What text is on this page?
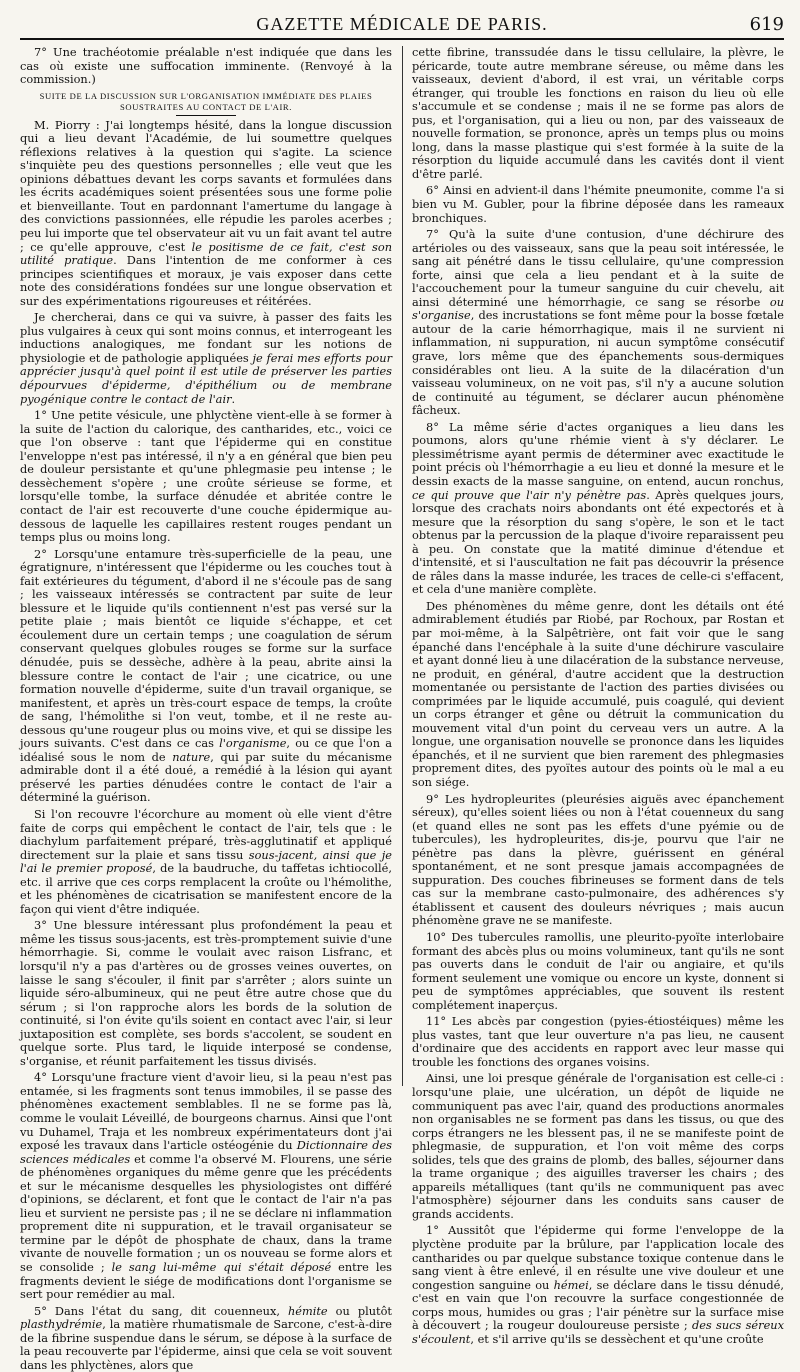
GAZETTE MÉDICALE DE PARIS.	619

7° Une trachéotomie préalable n'est indiquée que dans les cas où existe une suffocation imminente. (Renvoyé à la commission.)

SUITE DE LA DISCUSSION SUR L'ORGANISATION IMMÉDIATE DES PLAIES
SOUSTRAITES AU CONTACT DE L'AIR.

M. Piorry : J'ai longtemps hésité, dans la longue discussion qui a lieu devant l'Académie, de lui soumettre quelques réflexions relatives à la question qui s'agite. La science s'inquiète peu des questions personnelles ; elle veut que les opinions débattues devant les corps savants et formulées dans les écrits académiques soient présentées sous une forme polie et bienveillante. Tout en pardonnant l'amertume du langage à des convictions passionnées, elle répudie les paroles acerbes ; peu lui importe que tel observateur ait vu un fait avant tel autre ; ce qu'elle approuve, c'est le positisme de ce fait, c'est son utilité pratique. Dans l'intention de me conformer à ces principes scientifiques et moraux, je vais exposer dans cette note des considérations fondées sur une longue observation et sur des expérimentations rigoureuses et réitérées.

Je chercherai, dans ce qui va suivre, à passer des faits les plus vulgaires à ceux qui sont moins connus, et interrogeant les inductions analogiques, me fondant sur les notions de physiologie et de pathologie appliquées je ferai mes efforts pour apprécier jusqu'à quel point il est utile de préserver les parties dépourvues d'épiderme, d'épithélium ou de membrane pyogénique contre le contact de l'air.

1° Une petite vésicule, une phlyctène vient-elle à se former à la suite de l'action du calorique, des cantharides, etc., voici ce que l'on observe : tant que l'épiderme qui en constitue l'enveloppe n'est pas intéressé, il n'y a en général que bien peu de douleur persistante et qu'une phlegmasie peu intense ; le dessèchement s'opère ; une croûte sérieuse se forme, et lorsqu'elle tombe, la surface dénudée et abritée contre le contact de l'air est recouverte d'une couche épidermique au-dessous de laquelle les capillaires restent rouges pendant un temps plus ou moins long.

2° Lorsqu'une entamure très-superficielle de la peau, une égratignure, n'intéressent que l'épiderme ou les couches tout à fait extérieures du tégument, d'abord il ne s'écoule pas de sang ; les vaisseaux intéressés se contractent par suite de leur blessure et le liquide qu'ils contiennent n'est pas versé sur la petite plaie ; mais bientôt ce liquide s'échappe, et cet écoulement dure un certain temps ; une coagulation de sérum conservant quelques globules rouges se forme sur la surface dénudée, puis se dessèche, adhère à la peau, abrite ainsi la blessure contre le contact de l'air ; une cicatrice, ou une formation nouvelle d'épiderme, suite d'un travail organique, se manifestent, et après un très-court espace de temps, la croûte de sang, l'hémolithe si l'on veut, tombe, et il ne reste au-dessous qu'une rougeur plus ou moins vive, et qui se dissipe les jours suivants. C'est dans ce cas l'organisme, ou ce que l'on a idéalisé sous le nom de nature, qui par suite du mécanisme admirable dont il a été doué, a remédié à la lésion qui ayant préservé les parties dénudées contre le contact de l'air a déterminé la guérison.

Si l'on recouvre l'écorchure au moment où elle vient d'être faite de corps qui empêchent le contact de l'air, tels que : le diachylum parfaitement préparé, très-agglutinatif et appliqué directement sur la plaie et sans tissu sous-jacent, ainsi que je l'ai le premier proposé, de la baudruche, du taffetas ichtiocollé, etc. il arrive que ces corps remplacent la croûte ou l'hémolithe, et les phénomènes de cicatrisation se manifestent encore de la façon qui vient d'être indiquée.

3° Une blessure intéressant plus profondément la peau et même les tissus sous-jacents, est très-promptement suivie d'une hémorrhagie. Si, comme le voulait avec raison Lisfranc, et lorsqu'il n'y a pas d'artères ou de grosses veines ouvertes, on laisse le sang s'écouler, il finit par s'arrêter ; alors suinte un liquide séro-albumineux, qui ne peut être autre chose que du sérum ; si l'on rapproche alors les bords de la solution de continuité, si l'on évite qu'ils soient en contact avec l'air, si leur juxtaposition est complète, ses bords s'accolent, se soudent en quelque sorte. Plus tard, le liquide interposé se condense, s'organise, et réunit parfaitement les tissus divisés.

4° Lorsqu'une fracture vient d'avoir lieu, si la peau n'est pas entamée, si les fragments sont tenus immobiles, il se passe des phénomènes exactement semblables. Il ne se forme pas là, comme le voulait Léveillé, de bourgeons charnus. Ainsi que l'ont vu Duhamel, Traja et les nombreux expérimentateurs dont j'ai exposé les travaux dans l'article ostéogénie du Dictionnaire des sciences médicales et comme l'a observé M. Flourens, une série de phénomènes organiques du même genre que les précédents et sur le mécanisme desquelles les physiologistes ont différé d'opinions, se déclarent, et font que le contact de l'air n'a pas lieu et survient ne persiste pas ; il ne se déclare ni inflammation proprement dite ni suppuration, et le travail organisateur se termine par le dépôt de phosphate de chaux, dans la trame vivante de nouvelle formation ; un os nouveau se forme alors et se consolide ; le sang lui-même qui s'était déposé entre les fragments devient le siége de modifications dont l'organisme se sert pour remédier au mal.

5° Dans l'état du sang, dit couenneux, hémite ou plutôt plasthydrémie, la matière rhumatismale de Sarcone, c'est-à-dire de la fibrine suspendue dans le sérum, se dépose à la surface de la peau recouverte par l'épiderme, ainsi que cela se voit souvent dans les phlyctènes, alors que

cette fibrine, transsudée dans le tissu cellulaire, la plèvre, le péricarde, toute autre membrane séreuse, ou même dans les vaisseaux, devient d'abord, il est vrai, un véritable corps étranger, qui trouble les fonctions en raison du lieu où elle s'accumule et se condense ; mais il ne se forme pas alors de pus, et l'organisation, qui a lieu ou non, par des vaisseaux de nouvelle formation, se prononce, après un temps plus ou moins long, dans la masse plastique qui s'est formée à la suite de la résorption du liquide accumulé dans les cavités dont il vient d'être parlé.

6° Ainsi en advient-il dans l'hémite pneumonite, comme l'a si bien vu M. Gubler, pour la fibrine déposée dans les rameaux bronchiques.

7° Qu'à la suite d'une contusion, d'une déchirure des artérioles ou des vaisseaux, sans que la peau soit intéressée, le sang ait pénétré dans le tissu cellulaire, qu'une compression forte, ainsi que cela a lieu pendant et à la suite de l'accouchement pour la tumeur sanguine du cuir chevelu, ait ainsi déterminé une hémorrhagie, ce sang se résorbe ou s'organise, des incrustations se font même pour la bosse fœtale autour de la carie hémorrhagique, mais il ne survient ni inflammation, ni suppuration, ni aucun symptôme consécutif grave, lors même que des épanchements sous-dermiques considérables ont lieu. A la suite de la dilacération d'un vaisseau volumineux, on ne voit pas, s'il n'y a aucune solution de continuité au tégument, se déclarer aucun phénomène fâcheux.

8° La même série d'actes organiques a lieu dans les poumons, alors qu'une rhémie vient à s'y déclarer. Le plessimétrisme ayant permis de déterminer avec exactitude le point précis où l'hémorrhagie a eu lieu et donné la mesure et le dessin exacts de la masse sanguine, on entend, aucun ronchus, ce qui prouve que l'air n'y pénètre pas. Après quelques jours, lorsque des crachats noirs abondants ont été expectorés et à mesure que la résorption du sang s'opère, le son et le tact obtenus par la percussion de la plaque d'ivoire reparaissent peu à peu. On constate que la matité diminue d'étendue et d'intensité, et si l'auscultation ne fait pas découvrir la présence de râles dans la masse indurée, les traces de celle-ci s'effacent, et cela d'une manière complète.

Des phénomènes du même genre, dont les détails ont été admirablement étudiés par Riobé, par Rochoux, par Rostan et par moi-même, à la Salpêtrière, ont fait voir que le sang épanché dans l'encéphale à la suite d'une déchirure vasculaire et ayant donné lieu à une dilacération de la substance nerveuse, ne produit, en général, d'autre accident que la destruction momentanée ou persistante de l'action des parties divisées ou comprimées par le liquide accumulé, puis coagulé, qui devient un corps étranger et gêne ou détruit la communication du mouvement vital d'un point du cerveau vers un autre. A la longue, une organisation nouvelle se prononce dans les liquides épanchés, et il ne survient que bien rarement des phlegmasies proprement dites, des pyoïtes autour des points où le mal a eu son siége.

9° Les hydropleurites (pleurésies aiguës avec épanchement séreux), qu'elles soient liées ou non à l'état couenneux du sang (et quand elles ne sont pas les effets d'une pyémie ou de tubercules), les hydropleurites, dis-je, pourvu que l'air ne pénètre pas dans la plèvre, guérissent en général spontanément, et ne sont presque jamais accompagnées de suppuration. Des couches fibrineuses se forment dans de tels cas sur la membrane casto-pulmonaire, des adhérences s'y établissent et causent des douleurs névriques ; mais aucun phénomène grave ne se manifeste.

10° Des tubercules ramollis, une pleurito-pyoïte interlobaire formant des abcès plus ou moins volumineux, tant qu'ils ne sont pas ouverts dans le conduit de l'air ou angiaire, et qu'ils forment seulement une vomique ou encore un kyste, donnent si peu de symptômes appréciables, que souvent ils restent complétement inaperçus.

11° Les abcès par congestion (pyies-étiostéiques) même les plus vastes, tant que leur ouverture n'a pas lieu, ne causent d'ordinaire que des accidents en rapport avec leur masse qui trouble les fonctions des organes voisins.

Ainsi, une loi presque générale de l'organisation est celle-ci : lorsqu'une plaie, une ulcération, un dépôt de liquide ne communiquent pas avec l'air, quand des productions anormales non organisables ne se forment pas dans les tissus, ou que des corps étrangers ne les blessent pas, il ne se manifeste point de phlegmasie, de suppuration, et l'on voit même des corps solides, tels que des grains de plomb, des balles, séjourner dans la trame organique ; des aiguilles traverser les chairs ; des appareils métalliques (tant qu'ils ne communiquent pas avec l'atmosphère) séjourner dans les conduits sans causer de grands accidents.

1° Aussitôt que l'épiderme qui forme l'enveloppe de la plyctène produite par la brûlure, par l'application locale des cantharides ou par quelque substance toxique contenue dans le sang vient à être enlevé, il en résulte une vive douleur et une congestion sanguine ou hémei, se déclare dans le tissu dénudé, c'est en vain que l'on recouvre la surface congestionnée de corps mous, humides ou gras ; l'air pénètre sur la surface mise à découvert ; la rougeur douloureuse persiste ; des sucs séreux s'écoulent, et s'il arrive qu'ils se dessèchent et qu'une croûte
